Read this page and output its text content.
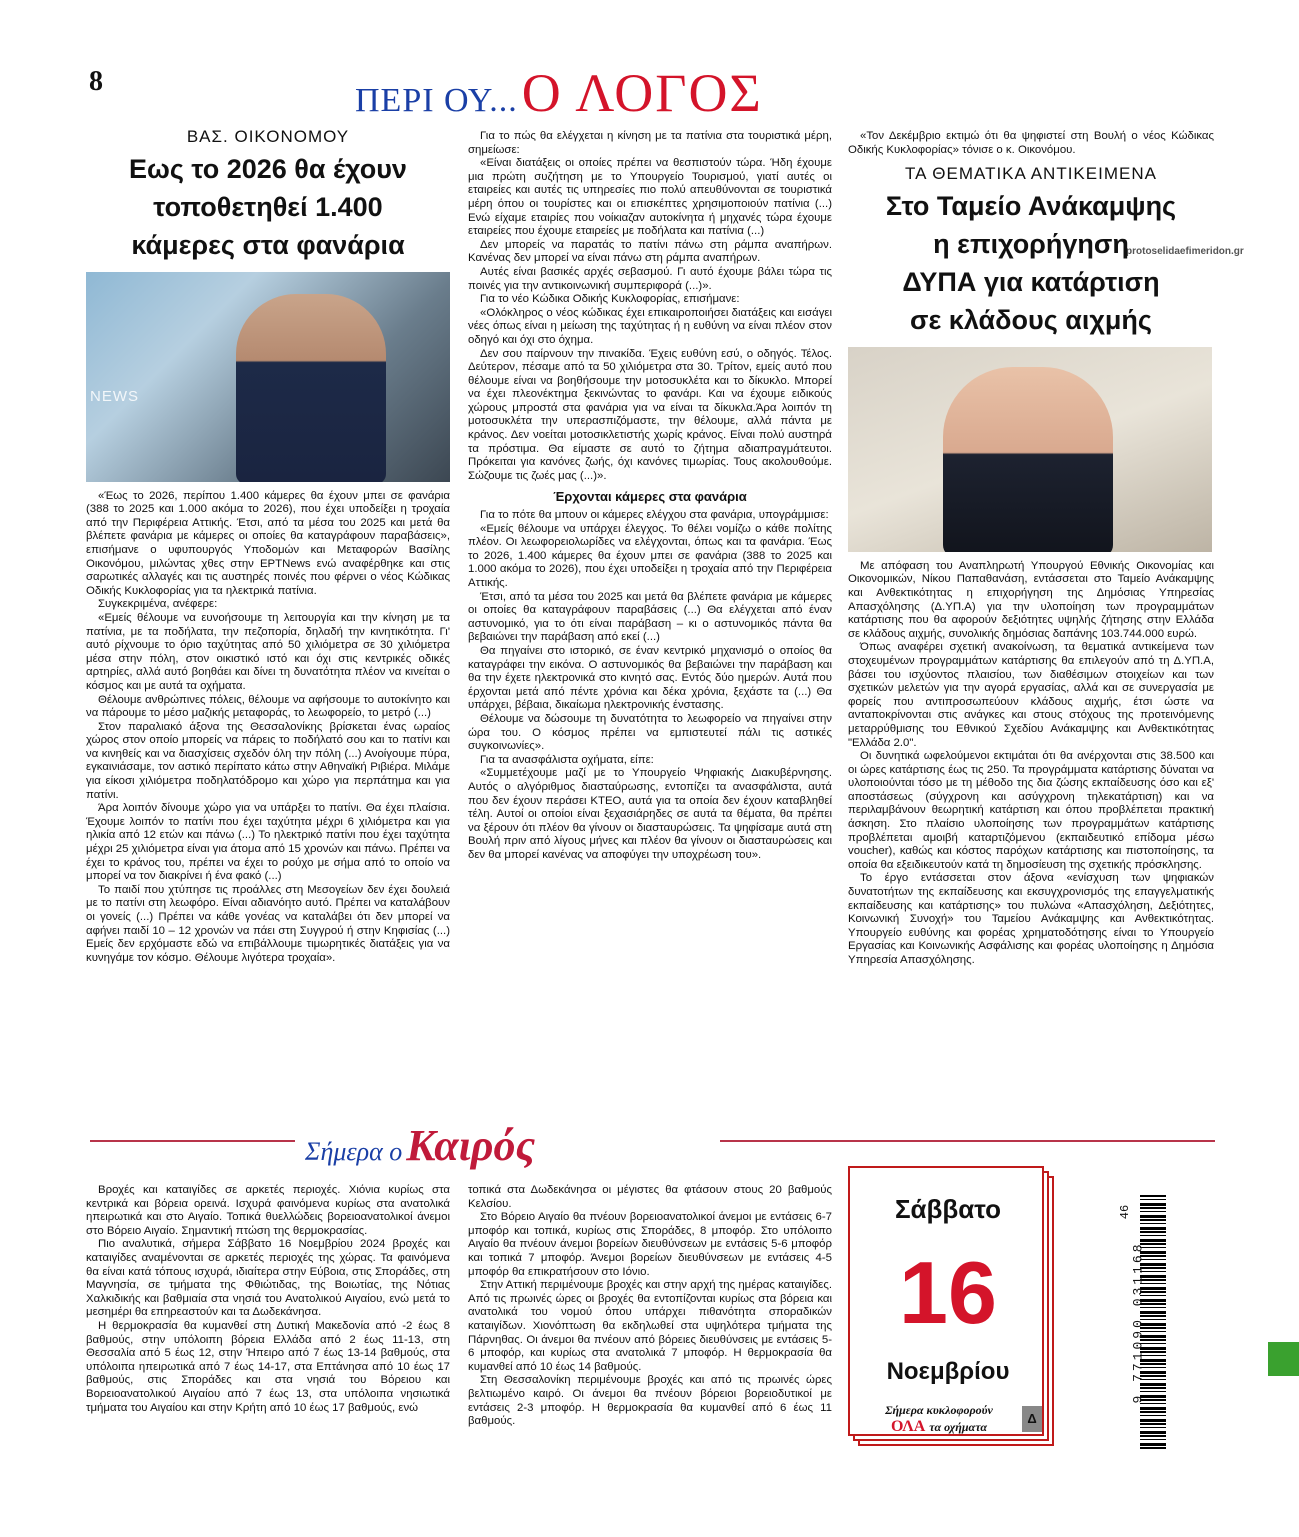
8
ΠΕΡΙ ΟΥ... Ο ΛΟΓΟΣ
protoselidaefimeridon.gr
ΒΑΣ. ΟΙΚΟΝΟΜΟΥ
Εως το 2026 θα έχουν
τοποθετηθεί 1.400
κάμερες στα φανάρια
NEWS

«Έως το 2026, περίπου 1.400 κάμερες θα έχουν μπει σε φανάρια (388 το 2025 και 1.000 ακόμα το 2026), που έχει υποδείξει η τροχαία από την Περιφέρεια Αττικής. Έτσι, από τα μέσα του 2025 και μετά θα βλέπετε φανάρια με κάμερες οι οποίες θα καταγράφουν παραβάσεις», επισήμανε ο υφυπουργός Υποδομών και Μεταφορών Βασίλης Οικονόμου, μιλώντας χθες στην ΕΡΤNews ενώ αναφέρθηκε και στις σαρωτικές αλλαγές και τις αυστηρές ποινές που φέρνει ο νέος Κώδικας Οδικής Κυκλοφορίας για τα ηλεκτρικά πατίνια.

Συγκεκριμένα, ανέφερε:

«Εμείς θέλουμε να ευνοήσουμε τη λειτουργία και την κίνηση με τα πατίνια, με τα ποδήλατα, την πεζοπορία, δηλαδή την κινητικότητα. Γι' αυτό ρίχνουμε το όριο ταχύτητας από 50 χιλιόμετρα σε 30 χιλιόμετρα μέσα στην πόλη, στον οικιστικό ιστό και όχι στις κεντρικές οδικές αρτηρίες, αλλά αυτό βοηθάει και δίνει τη δυνατότητα πλέον να κινείται ο κόσμος και με αυτά τα οχήματα.

Θέλουμε ανθρώπινες πόλεις, θέλουμε να αφήσουμε το αυτοκίνητο και να πάρουμε το μέσο μαζικής μεταφοράς, το λεωφορείο, το μετρό (...)

Στον παραλιακό άξονα της Θεσσαλονίκης βρίσκεται ένας ωραίος χώρος στον οποίο μπορείς να πάρεις το ποδήλατό σου και το πατίνι και να κινηθείς και να διασχίσεις σχεδόν όλη την πόλη (...) Ανοίγουμε πύρα, εγκαινιάσαμε, τον αστικό περίπατο κάτω στην Αθηναϊκή Ριβιέρα. Μιλάμε για είκοσι χιλιόμετρα ποδηλατόδρομο και χώρο για περπάτημα και για πατίνι.

Άρα λοιπόν δίνουμε χώρο για να υπάρξει το πατίνι. Θα έχει πλαίσια. Έχουμε λοιπόν το πατίνι που έχει ταχύτητα μέχρι 6 χιλιόμετρα και για ηλικία από 12 ετών και πάνω (...) Το ηλεκτρικό πατίνι που έχει ταχύτητα μέχρι 25 χιλιόμετρα είναι για άτομα από 15 χρονών και πάνω. Πρέπει να έχει το κράνος του, πρέπει να έχει το ρούχο με σήμα από το οποίο να μπορεί να τον διακρίνει ή ένα φακό (...)

Το παιδί που χτύπησε τις προάλλες στη Μεσογείων δεν έχει δουλειά με το πατίνι στη λεωφόρο. Είναι αδιανόητο αυτό. Πρέπει να καταλάβουν οι γονείς (...) Πρέπει να κάθε γονέας να καταλάβει ότι δεν μπορεί να αφήνει παιδί 10 – 12 χρονών να πάει στη Συγγρού ή στην Κηφισίας (...) Εμείς δεν ερχόμαστε εδώ να επιβάλλουμε τιμωρητικές διατάξεις για να κυνηγάμε τον κόσμο. Θέλουμε λιγότερα τροχαία».

Για το πώς θα ελέγχεται η κίνηση με τα πατίνια στα τουριστικά μέρη, σημείωσε:

«Είναι διατάξεις οι οποίες πρέπει να θεσπιστούν τώρα. Ήδη έχουμε μια πρώτη συζήτηση με το Υπουργείο Τουρισμού, γιατί αυτές οι εταιρείες και αυτές τις υπηρεσίες πιο πολύ απευθύνονται σε τουριστικά μέρη όπου οι τουρίστες και οι επισκέπτες χρησιμοποιούν πατίνια (...) Ενώ είχαμε εταιρίες που νοίκιαζαν αυτοκίνητα ή μηχανές τώρα έχουμε εταιρείες που έχουμε εταιρείες με ποδήλατα και πατίνια (...)

Δεν μπορείς να παρατάς το πατίνι πάνω στη ράμπα αναπήρων. Κανένας δεν μπορεί να είναι πάνω στη ράμπα αναπήρων.

Αυτές είναι βασικές αρχές σεβασμού. Γι αυτό έχουμε βάλει τώρα τις ποινές για την αντικοινωνική συμπεριφορά (...)».

Για το νέο Κώδικα Οδικής Κυκλοφορίας, επισήμανε:

«Ολόκληρος ο νέος κώδικας έχει επικαιροποιήσει διατάξεις και εισάγει νέες όπως είναι η μείωση της ταχύτητας ή η ευθύνη να είναι πλέον στον οδηγό και όχι στο όχημα.

Δεν σου παίρνουν την πινακίδα. Έχεις ευθύνη εσύ, ο οδηγός. Τέλος. Δεύτερον, πέσαμε από τα 50 χιλιόμετρα στα 30. Τρίτον, εμείς αυτό που θέλουμε είναι να βοηθήσουμε την μοτοσυκλέτα και το δίκυκλο. Μπορεί να έχει πλεονέκτημα ξεκινώντας το φανάρι. Και να έχουμε ειδικούς χώρους μπροστά στα φανάρια για να είναι τα δίκυκλα.Άρα λοιπόν τη μοτοσυκλέτα την υπερασπιζόμαστε, την θέλουμε, αλλά πάντα με κράνος. Δεν νοείται μοτοσικλετιστής χωρίς κράνος. Είναι πολύ αυστηρά τα πρόστιμα. Θα είμαστε σε αυτό το ζήτημα αδιαπραγμάτευτοι. Πρόκειται για κανόνες ζωής, όχι κανόνες τιμωρίας. Τους ακολουθούμε. Σώζουμε τις ζωές μας (...)».

Έρχονται κάμερες στα φανάρια

Για το πότε θα μπουν οι κάμερες ελέγχου στα φανάρια, υπογράμμισε:

«Εμείς θέλουμε να υπάρχει έλεγχος. Το θέλει νομίζω ο κάθε πολίτης πλέον. Οι λεωφορειολωρίδες να ελέγχονται, όπως και τα φανάρια. Έως το 2026, 1.400 κάμερες θα έχουν μπει σε φανάρια (388 το 2025 και 1.000 ακόμα το 2026), που έχει υποδείξει η τροχαία από την Περιφέρεια Αττικής.

Έτσι, από τα μέσα του 2025 και μετά θα βλέπετε φανάρια με κάμερες οι οποίες θα καταγράφουν παραβάσεις (...) Θα ελέγχεται από έναν αστυνομικό, για το ότι είναι παράβαση – κι ο αστυνομικός πάντα θα βεβαιώνει την παράβαση από εκεί (...)

Θα πηγαίνει στο ιστορικό, σε έναν κεντρικό μηχανισμό ο οποίος θα καταγράφει την εικόνα. Ο αστυνομικός θα βεβαιώνει την παράβαση και θα την έχετε ηλεκτρονικά στο κινητό σας. Εντός δύο ημερών. Αυτά που έρχονται μετά από πέντε χρόνια και δέκα χρόνια, ξεχάστε τα (...) Θα υπάρχει, βέβαια, δικαίωμα ηλεκτρονικής ένστασης.

Θέλουμε να δώσουμε τη δυνατότητα το λεωφορείο να πηγαίνει στην ώρα του. Ο κόσμος πρέπει να εμπιστευτεί πάλι τις αστικές συγκοινωνίες».

Για τα ανασφάλιστα οχήματα, είπε:

«Συμμετέχουμε μαζί με το Υπουργείο Ψηφιακής Διακυβέρνησης. Αυτός ο αλγόριθμος διασταύρωσης, εντοπίζει τα ανασφάλιστα, αυτά που δεν έχουν περάσει ΚΤΕΟ, αυτά για τα οποία δεν έχουν καταβληθεί τέλη. Αυτοί οι οποίοι είναι ξεχασιάρηδες σε αυτά τα θέματα, θα πρέπει να ξέρουν ότι πλέον θα γίνουν οι διασταυρώσεις. Τα ψηφίσαμε αυτά στη Βουλή πριν από λίγους μήνες και πλέον θα γίνουν οι διασταυρώσεις και δεν θα μπορεί κανένας να αποφύγει την υποχρέωση του».

«Τον Δεκέμβριο εκτιμώ ότι θα ψηφιστεί στη Βουλή ο νέος Κώδικας Οδικής Κυκλοφορίας» τόνισε ο κ. Οικονόμου.

ΤΑ ΘΕΜΑΤΙΚΑ ΑΝΤΙΚΕΙΜΕΝΑ
Στο Ταμείο Ανάκαμψης
η επιχορήγηση
ΔΥΠΑ για κατάρτιση
σε κλάδους αιχμής

Με απόφαση του Αναπληρωτή Υπουργού Εθνικής Οικονομίας και Οικονομικών, Νίκου Παπαθανάση, εντάσσεται στο Ταμείο Ανάκαμψης και Ανθεκτικότητας η επιχορήγηση της Δημόσιας Υπηρεσίας Απασχόλησης (Δ.ΥΠ.Α) για την υλοποίηση των προγραμμάτων κατάρτισης που θα αφορούν δεξιότητες υψηλής ζήτησης στην Ελλάδα σε κλάδους αιχμής, συνολικής δημόσιας δαπάνης 103.744.000 ευρώ.

Όπως αναφέρει σχετική ανακοίνωση, τα θεματικά αντικείμενα των στοχευμένων προγραμμάτων κατάρτισης θα επιλεγούν από τη Δ.ΥΠ.Α, βάσει του ισχύοντος πλαισίου, των διαθέσιμων στοιχείων και των σχετικών μελετών για την αγορά εργασίας, αλλά και σε συνεργασία με φορείς που αντιπροσωπεύουν κλάδους αιχμής, έτσι ώστε να ανταποκρίνονται στις ανάγκες και στους στόχους της προτεινόμενης μεταρρύθμισης του Εθνικού Σχεδίου Ανάκαμψης και Ανθεκτικότητας "Ελλάδα 2.0".

Οι δυνητικά ωφελούμενοι εκτιμάται ότι θα ανέρχονται στις 38.500 και οι ώρες κατάρτισης έως τις 250. Τα προγράμματα κατάρτισης δύναται να υλοποιούνται τόσο με τη μέθοδο της δια ζώσης εκπαίδευσης όσο και εξ' αποστάσεως (σύγχρονη και ασύγχρονη τηλεκατάρτιση) και να περιλαμβάνουν θεωρητική κατάρτιση και όπου προβλέπεται πρακτική άσκηση. Στο πλαίσιο υλοποίησης των προγραμμάτων κατάρτισης προβλέπεται αμοιβή καταρτιζόμενου (εκπαιδευτικό επίδομα μέσω voucher), καθώς και κόστος παρόχων κατάρτισης και πιστοποίησης, τα οποία θα εξειδικευτούν κατά τη δημοσίευση της σχετικής πρόσκλησης.

Το έργο εντάσσεται στον άξονα «ενίσχυση των ψηφιακών δυνατοτήτων της εκπαίδευσης και εκσυγχρονισμός της επαγγελματικής εκπαίδευσης και κατάρτισης» του πυλώνα «Απασχόληση, Δεξιότητες, Κοινωνική Συνοχή» του Ταμείου Ανάκαμψης και Ανθεκτικότητας. Υπουργείο ευθύνης και φορέας χρηματοδότησης είναι το Υπουργείο Εργασίας και Κοινωνικής Ασφάλισης και φορέας υλοποίησης η Δημόσια Υπηρεσία Απασχόλησης.

Σήμερα ο Καιρός

Βροχές και καταιγίδες σε αρκετές περιοχές. Χιόνια κυρίως στα κεντρικά και βόρεια ορεινά. Ισχυρά φαινόμενα κυρίως στα ανατολικά ηπειρωτικά και στο Αιγαίο. Τοπικά θυελλώδεις βορειοανατολικοί άνεμοι στο Βόρειο Αιγαίο. Σημαντική πτώση της θερμοκρασίας.

Πιο αναλυτικά, σήμερα Σάββατο 16 Νοεμβρίου 2024 βροχές και καταιγίδες αναμένονται σε αρκετές περιοχές της χώρας. Τα φαινόμενα θα είναι κατά τόπους ισχυρά, ιδιαίτερα στην Εύβοια, στις Σποράδες, στη Μαγνησία, σε τμήματα της Φθιώτιδας, της Βοιωτίας, της Νότιας Χαλκιδικής και βαθμιαία στα νησιά του Ανατολικού Αιγαίου, ενώ μετά το μεσημέρι θα επηρεαστούν και τα Δωδεκάνησα.

Η θερμοκρασία θα κυμανθεί στη Δυτική Μακεδονία από -2 έως 8 βαθμούς, στην υπόλοιπη βόρεια Ελλάδα από 2 έως 11-13, στη Θεσσαλία από 5 έως 12, στην Ήπειρο από 7 έως 13-14 βαθμούς, στα υπόλοιπα ηπειρωτικά από 7 έως 14-17, στα Επτάνησα από 10 έως 17 βαθμούς, στις Σποράδες και στα νησιά του Βόρειου και Βορειοανατολικού Αιγαίου από 7 έως 13, στα υπόλοιπα νησιωτικά τμήματα του Αιγαίου και στην Κρήτη από 10 έως 17 βαθμούς, ενώ

τοπικά στα Δωδεκάνησα οι μέγιστες θα φτάσουν στους 20 βαθμούς Κελσίου.

Στο Βόρειο Αιγαίο θα πνέουν βορειοανατολικοί άνεμοι με εντάσεις 6-7 μποφόρ και τοπικά, κυρίως στις Σποράδες, 8 μποφόρ. Στο υπόλοιπο Αιγαίο θα πνέουν άνεμοι βορείων διευθύνσεων με εντάσεις 5-6 μποφόρ και τοπικά 7 μποφόρ. Άνεμοι βορείων διευθύνσεων με εντάσεις 4-5 μποφόρ θα επικρατήσουν στο Ιόνιο.

Στην Αττική περιμένουμε βροχές και στην αρχή της ημέρας καταιγίδες. Από τις πρωινές ώρες οι βροχές θα εντοπίζονται κυρίως στα βόρεια και ανατολικά του νομού όπου υπάρχει πιθανότητα σποραδικών καταιγίδων. Χιονόπτωση θα εκδηλωθεί στα υψηλότερα τμήματα της Πάρνηθας. Οι άνεμοι θα πνέουν από βόρειες διευθύνσεις με εντάσεις 5-6 μποφόρ, και κυρίως στα ανατολικά 7 μποφόρ. Η θερμοκρασία θα κυμανθεί από 10 έως 14 βαθμούς.

Στη Θεσσαλονίκη περιμένουμε βροχές και από τις πρωινές ώρες βελτιωμένο καιρό. Οι άνεμοι θα πνέουν βόρειοι βορειοδυτικοί με εντάσεις 2-3 μποφόρ. Η θερμοκρασία θα κυμανθεί από 6 έως 11 βαθμούς.

Σάββατο
16
Νοεμβρίου
Σήμερα κυκλοφορούν
ΟΛΑ τα οχήματα
Δ
9 771090 031168
46
